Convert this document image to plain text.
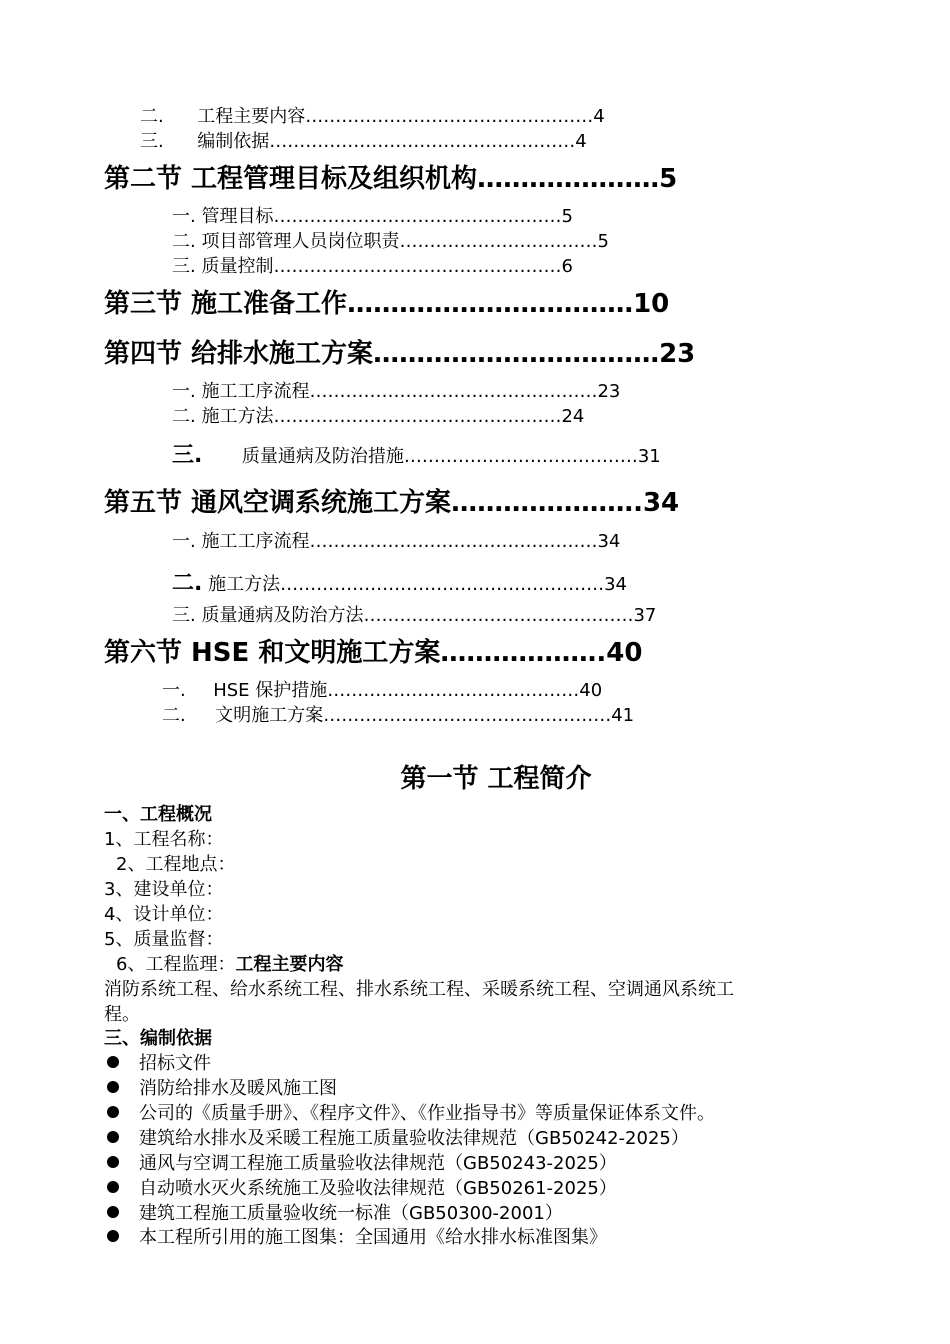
二. 工程主要内容…………………………………………4
三. 编制依据……………………………………………4
第二节 工程管理目标及组织机构…………………5
一. 管理目标…………………………………………5
二. 项目部管理人员岗位职责……………………………5
三. 质量控制…………………………………………6
第三节 施工准备工作……………………………10
第四节 给排水施工方案……………………………23
一. 施工工序流程…………………………………………23
二. 施工方法…………………………………………24
三. 质量通病及防治措施…………………………………31
第五节 通风空调系统施工方案………………….34
一. 施工工序流程…………………………………………34
二. 施工方法………………………………………………34
三. 质量通病及防治方法………………………………………37
第六节 HSE 和文明施工方案……………….40
一. HSE 保护措施……………………………………40
二. 文明施工方案…………………………………………41
第一节 工程简介
一、工程概况
1、工程名称：
2、工程地点：
3、建设单位：
4、设计单位：
5、质量监督：
6、工程监理：工程主要内容
消防系统工程、给水系统工程、排水系统工程、采暖系统工程、空调通风系统工
程。
三、编制依据
招标文件
消防给排水及暖风施工图
公司的《质量手册》、《程序文件》、《作业指导书》等质量保证体系文件。
建筑给水排水及采暖工程施工质量验收法律规范（GB50242-2025）
通风与空调工程施工质量验收法律规范（GB50243-2025）
自动喷水灭火系统施工及验收法律规范（GB50261-2025）
建筑工程施工质量验收统一标准（GB50300-2001）
本工程所引用的施工图集：全国通用《给水排水标准图集》
